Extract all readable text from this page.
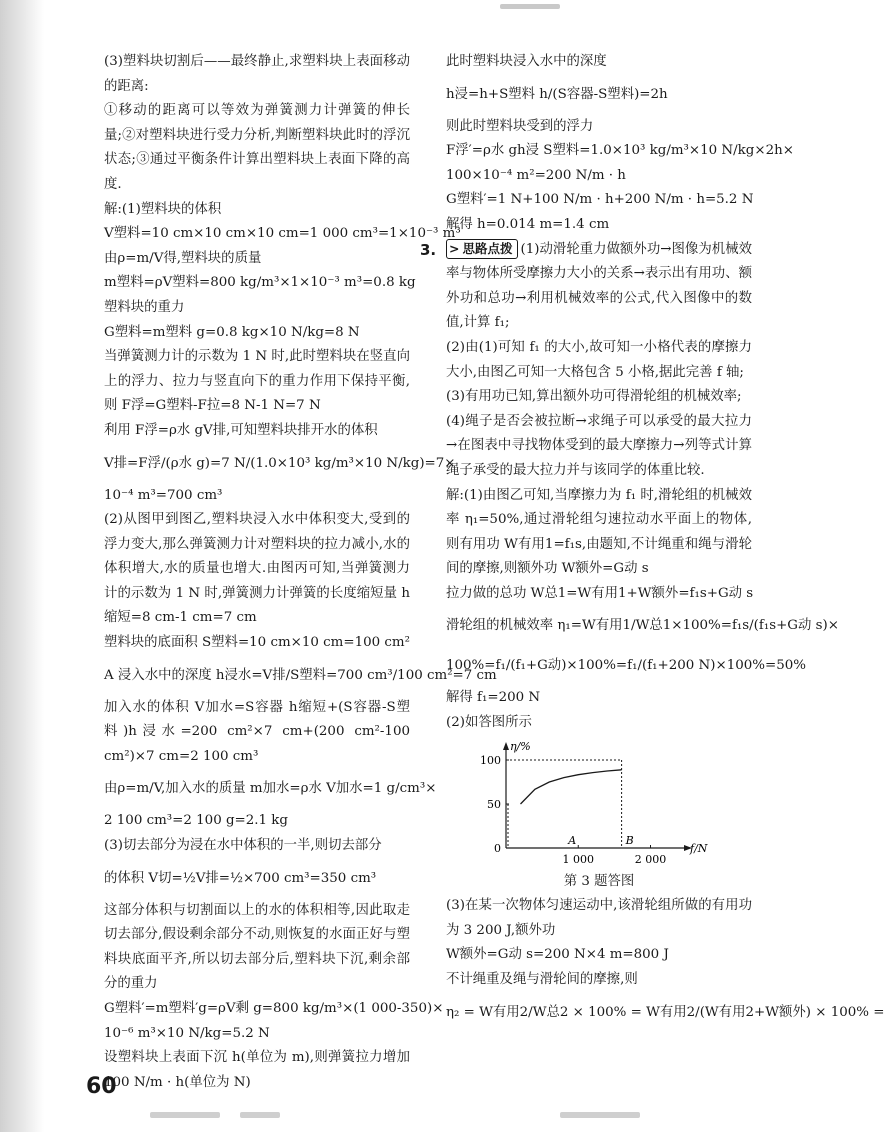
(3)塑料块切割后——最终静止,求塑料块上表面移动的距离:

①移动的距离可以等效为弹簧测力计弹簧的伸长量;②对塑料块进行受力分析,判断塑料块此时的浮沉状态;③通过平衡条件计算出塑料块上表面下降的高度.

解:(1)塑料块的体积

V塑料=10 cm×10 cm×10 cm=1 000 cm³=1×10⁻³ m³

由ρ=m/V得,塑料块的质量

m塑料=ρV塑料=800 kg/m³×1×10⁻³ m³=0.8 kg

塑料块的重力

G塑料=m塑料 g=0.8 kg×10 N/kg=8 N

当弹簧测力计的示数为 1 N 时,此时塑料块在竖直向上的浮力、拉力与竖直向下的重力作用下保持平衡,则 F浮=G塑料-F拉=8 N-1 N=7 N

利用 F浮=ρ水 gV排,可知塑料块排开水的体积

V排=F浮/(ρ水 g)=7 N/(1.0×10³ kg/m³×10 N/kg)=7×

10⁻⁴ m³=700 cm³

(2)从图甲到图乙,塑料块浸入水中体积变大,受到的浮力变大,那么弹簧测力计对塑料块的拉力减小,水的体积增大,水的质量也增大.由图丙可知,当弹簧测力计的示数为 1 N 时,弹簧测力计弹簧的长度缩短量 h缩短=8 cm-1 cm=7 cm

塑料块的底面积 S塑料=10 cm×10 cm=100 cm²

A 浸入水中的深度 h浸水=V排/S塑料=700 cm³/100 cm²=7 cm

加入水的体积 V加水=S容器 h缩短+(S容器-S塑料)h浸水=200 cm²×7 cm+(200 cm²-100 cm²)×7 cm=2 100 cm³

由ρ=m/V,加入水的质量 m加水=ρ水 V加水=1 g/cm³×

2 100 cm³=2 100 g=2.1 kg

(3)切去部分为浸在水中体积的一半,则切去部分

的体积 V切=½V排=½×700 cm³=350 cm³

这部分体积与切割面以上的水的体积相等,因此取走切去部分,假设剩余部分不动,则恢复的水面正好与塑料块底面平齐,所以切去部分后,塑料块下沉,剩余部分的重力

G塑料′=m塑料′g=ρV剩 g=800 kg/m³×(1 000-350)×

10⁻⁶ m³×10 N/kg=5.2 N

设塑料块上表面下沉 h(单位为 m),则弹簧拉力增加 100 N/m · h(单位为 N)

此时塑料块浸入水中的深度

h浸=h+S塑料 h/(S容器-S塑料)=2h

则此时塑料块受到的浮力

F浮′=ρ水 gh浸 S塑料=1.0×10³ kg/m³×10 N/kg×2h×

100×10⁻⁴ m²=200 N/m · h

G塑料′=1 N+100 N/m · h+200 N/m · h=5.2 N

解得 h=0.014 m=1.4 cm

3. > 思路点拨 (1)动滑轮重力做额外功→图像为机械效率与物体所受摩擦力大小的关系→表示出有用功、额外功和总功→利用机械效率的公式,代入图像中的数值,计算 f₁;

(2)由(1)可知 f₁ 的大小,故可知一小格代表的摩擦力大小,由图乙可知一大格包含 5 小格,据此完善 f 轴;

(3)有用功已知,算出额外功可得滑轮组的机械效率;

(4)绳子是否会被拉断→求绳子可以承受的最大拉力→在图表中寻找物体受到的最大摩擦力→列等式计算绳子承受的最大拉力并与该同学的体重比较.

解:(1)由图乙可知,当摩擦力为 f₁ 时,滑轮组的机械效率 η₁=50%,通过滑轮组匀速拉动水平面上的物体,则有用功 W有用1=f₁s,由题知,不计绳重和绳与滑轮间的摩擦,则额外功 W额外=G动 s

拉力做的总功 W总1=W有用1+W额外=f₁s+G动 s

滑轮组的机械效率 η₁=W有用1/W总1×100%=f₁s/(f₁s+G动 s)×

100%=f₁/(f₁+G动)×100%=f₁/(f₁+200 N)×100%=50%

解得 f₁=200 N

(2)如答图所示

f/N
η/%
0
50
100
1 000	2 000
A	B

第 3 题答图

(3)在某一次物体匀速运动中,该滑轮组所做的有用功为 3 200 J,额外功

W额外=G动 s=200 N×4 m=800 J

不计绳重及绳与滑轮间的摩擦,则

η₂ = W有用2/W总2 × 100% = W有用2/(W有用2+W额外) × 100% =

60
